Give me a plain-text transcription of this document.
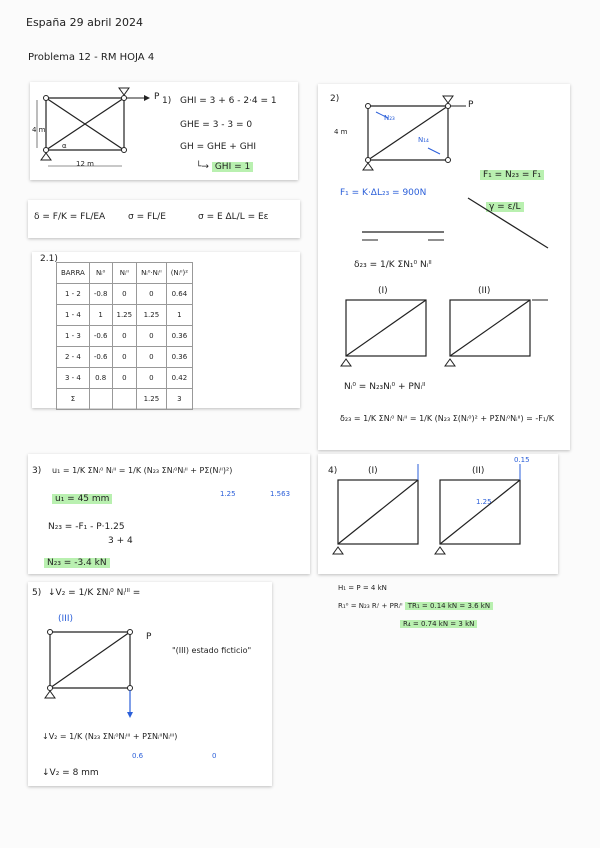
España 29 abril 2024
Problema 12 - RM HOJA 4
4 m
12 m
α
P 1) GHI = 3 + 6 - 2·4 = 1
GHE = 3 - 3 = 0
GH = GHE + GHI
└→ GHI = 1
δ = F/K = FL/EA	σ = FL/E	σ = E ΔL/L = Eε
2.1)
BARRA	Nᵢ⁰	Nᵢᴵᴵ	Nᵢ⁰·Nᵢᴵᴵ	(Nᵢᴵᴵ)²
1 - 2	-0.8	0	0	0.64
1 - 4	1	1.25	1.25	1
1 - 3	-0.6	0	0	0.36
2 - 4	-0.6	0	0	0.36
3 - 4	0.8	0	0	0.42
Σ			1.25	3
2)
P
N₂₃
N₁₄
4 m
F₁ = N₂₃ = F₁
F₁ = K·ΔL₂₃ = 900N
γ = ε/L
δ₂₃ = 1/K ΣN₁⁰ Nᵢᴵᴵ
(I)	(II)
Nᵢ⁰ = N₂₃Nᵢ⁰ + PNᵢᴵᴵ
δ₂₃ = 1/K ΣNᵢ⁰ Nᵢᴵᴵ = 1/K (N₂₃ Σ(Nᵢ⁰)² + PΣNᵢ⁰Nᵢᴵᴵ) = -F₁/K
3) u₁ = 1/K ΣNᵢ⁰ Nᵢᴵᴵ = 1/K (N₂₃ ΣNᵢ⁰Nᵢᴵᴵ + PΣ(Nᵢᴵᴵ)²)
1.25	1.563
u₁ = 45 mm
N₂₃ = -F₁ - P·1.25
3 + 4
N₂₃ = -3.4 kN
4)	(I)	(II)
0.15
1.25
H₁ = P = 4 kN
R₁⁰ = N₂₃ Rᵢᴵ + PRᵢᴵᴵ TR₁ = 0.14 kN = 3.6 kN
R₄ = 0.74 kN = 3 kN
5) ↓V₂ = 1/K ΣNᵢ⁰ Nᵢᴵᴵᴵ =
(III)
P
"(III) estado ficticio"
↓V₂ = 1/K (N₂₃ ΣNᵢ⁰Nᵢᴵᴵᴵ + PΣNᵢᴵᴵNᵢᴵᴵᴵ)
0.6	0
↓V₂ = 8 mm
